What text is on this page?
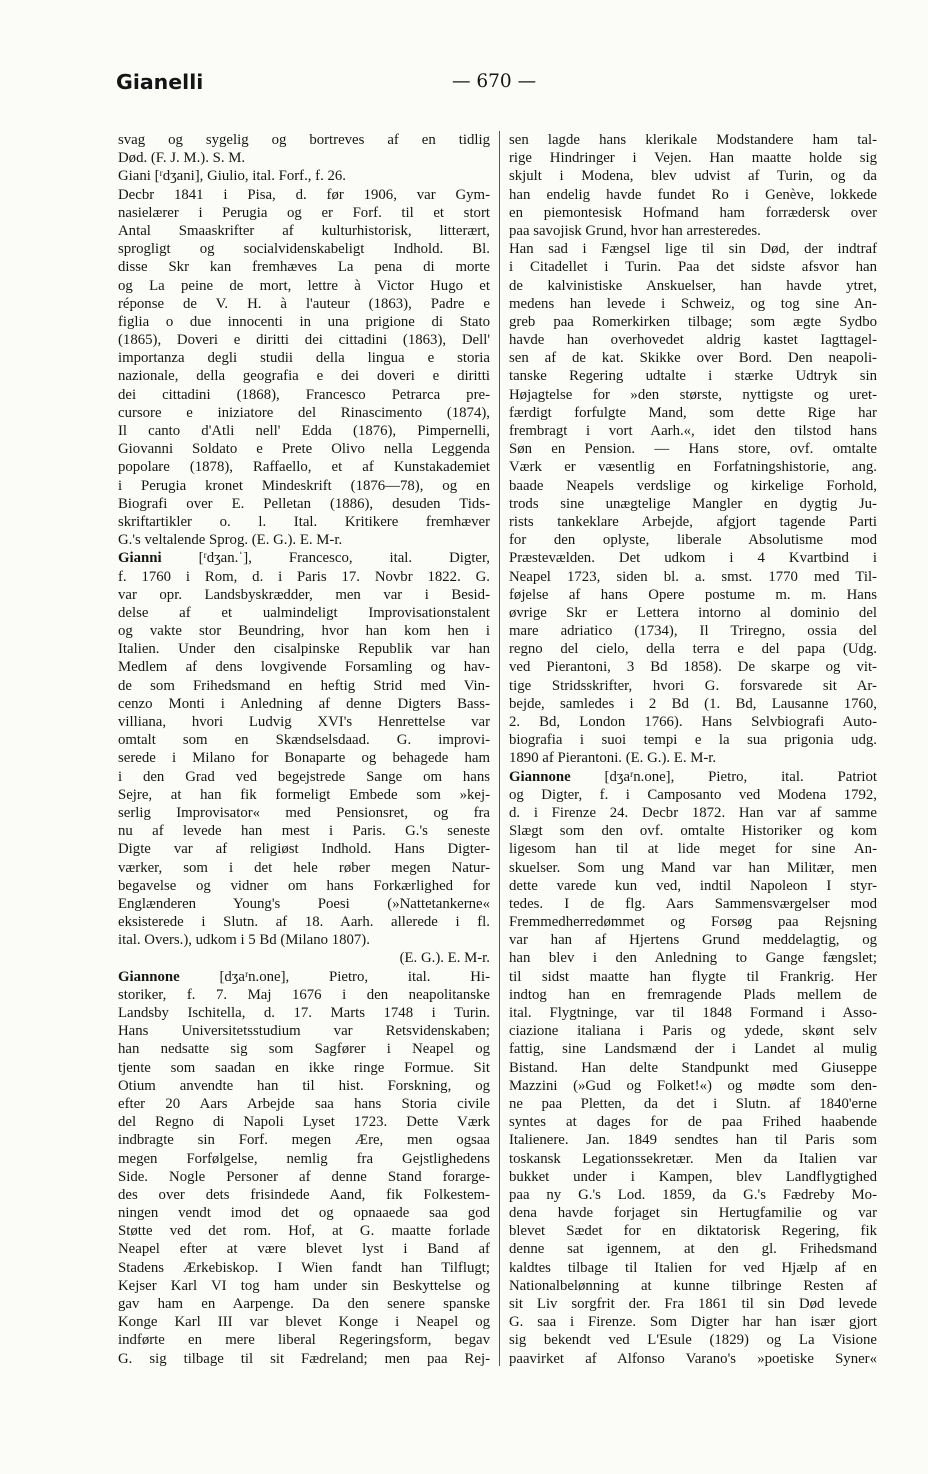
Gianelli	— 670 —
svag og sygelig og bortreves af en tidlig
Død. (F. J. M.). S. M.
Giani [ʳdʒani], Giulio, ital. Forf., f. 26.
Decbr 1841 i Pisa, d. før 1906, var Gym-
nasielærer i Perugia og er Forf. til et stort
Antal Smaaskrifter af kulturhistorisk, litterært,
sprogligt og socialvidenskabeligt Indhold. Bl.
disse Skr kan fremhæves La pena di morte
og La peine de mort, lettre à Victor Hugo et
réponse de V. H. à l'auteur (1863), Padre e
figlia o due innocenti in una prigione di Stato
(1865), Doveri e diritti dei cittadini (1863), Dell'
importanza degli studii della lingua e storia
nazionale, della geografia e dei doveri e diritti
dei cittadini (1868), Francesco Petrarca pre-
cursore e iniziatore del Rinascimento (1874),
Il canto d'Atli nell' Edda (1876), Pimpernelli,
Giovanni Soldato e Prete Olivo nella Leggenda
popolare (1878), Raffaello, et af Kunstakademiet
i Perugia kronet Mindeskrift (1876—78), og en
Biografi over E. Pelletan (1886), desuden Tids-
skriftartikler o. l. Ital. Kritikere fremhæver
G.'s veltalende Sprog. (E. G.). E. M-r.
Gianni [ʳdʒan.ˈ], Francesco, ital. Digter,
f. 1760 i Rom, d. i Paris 17. Novbr 1822. G.
var opr. Landsbyskrædder, men var i Besid-
delse af et ualmindeligt Improvisationstalent
og vakte stor Beundring, hvor han kom hen i
Italien. Under den cisalpinske Republik var han
Medlem af dens lovgivende Forsamling og hav-
de som Frihedsmand en heftig Strid med Vin-
cenzo Monti i Anledning af denne Digters Bass-
villiana, hvori Ludvig XVI's Henrettelse var
omtalt som en Skændselsdaad. G. improvi-
serede i Milano for Bonaparte og behagede ham
i den Grad ved begejstrede Sange om hans
Sejre, at han fik formeligt Embede som »kej-
serlig Improvisator« med Pensionsret, og fra
nu af levede han mest i Paris. G.'s seneste
Digte var af religiøst Indhold. Hans Digter-
værker, som i det hele røber megen Natur-
begavelse og vidner om hans Forkærlighed for
Englænderen Young's Poesi (»Nattetankerne«
eksisterede i Slutn. af 18. Aarh. allerede i fl.
ital. Overs.), udkom i 5 Bd (Milano 1807).
(E. G.). E. M-r.
Giannone [dʒaʳn.one], Pietro, ital. Hi-
storiker, f. 7. Maj 1676 i den neapolitanske
Landsby Ischitella, d. 17. Marts 1748 i Turin.
Hans Universitetsstudium var Retsvidenskaben;
han nedsatte sig som Sagfører i Neapel og
tjente som saadan en ikke ringe Formue. Sit
Otium anvendte han til hist. Forskning, og
efter 20 Aars Arbejde saa hans Storia civile
del Regno di Napoli Lyset 1723. Dette Værk
indbragte sin Forf. megen Ære, men ogsaa
megen Forfølgelse, nemlig fra Gejstlighedens
Side. Nogle Personer af denne Stand forarge-
des over dets frisindede Aand, fik Folkestem-
ningen vendt imod det og opnaaede saa god
Støtte ved det rom. Hof, at G. maatte forlade
Neapel efter at være blevet lyst i Band af
Stadens Ærkebiskop. I Wien fandt han Tilflugt;
Kejser Karl VI tog ham under sin Beskyttelse og
gav ham en Aarpenge. Da den senere spanske
Konge Karl III var blevet Konge i Neapel og
indførte en mere liberal Regeringsform, begav
G. sig tilbage til sit Fædreland; men paa Rej-
sen lagde hans klerikale Modstandere ham tal-
rige Hindringer i Vejen. Han maatte holde sig
skjult i Modena, blev udvist af Turin, og da
han endelig havde fundet Ro i Genève, lokkede
en piemontesisk Hofmand ham forrædersk over
paa savojisk Grund, hvor han arresteredes.
Han sad i Fængsel lige til sin Død, der indtraf
i Citadellet i Turin. Paa det sidste afsvor han
de kalvinistiske Anskuelser, han havde ytret,
medens han levede i Schweiz, og tog sine An-
greb paa Romerkirken tilbage; som ægte Sydbo
havde han overhovedet aldrig kastet Iagttagel-
sen af de kat. Skikke over Bord. Den neapoli-
tanske Regering udtalte i stærke Udtryk sin
Højagtelse for »den største, nyttigste og uret-
færdigt forfulgte Mand, som dette Rige har
frembragt i vort Aarh.«, idet den tilstod hans
Søn en Pension. — Hans store, ovf. omtalte
Værk er væsentlig en Forfatningshistorie, ang.
baade Neapels verdslige og kirkelige Forhold,
trods sine unægtelige Mangler en dygtig Ju-
rists tankeklare Arbejde, afgjort tagende Parti
for den oplyste, liberale Absolutisme mod
Præstevælden. Det udkom i 4 Kvartbind i
Neapel 1723, siden bl. a. smst. 1770 med Til-
føjelse af hans Opere postume m. m. Hans
øvrige Skr er Lettera intorno al dominio del
mare adriatico (1734), Il Triregno, ossia del
regno del cielo, della terra e del papa (Udg.
ved Pierantoni, 3 Bd 1858). De skarpe og vit-
tige Stridsskrifter, hvori G. forsvarede sit Ar-
bejde, samledes i 2 Bd (1. Bd, Lausanne 1760,
2. Bd, London 1766). Hans Selvbiografi Auto-
biografia i suoi tempi e la sua prigonia udg.
1890 af Pierantoni. (E. G.). E. M-r.
Giannone [dʒaʳn.one], Pietro, ital. Patriot
og Digter, f. i Camposanto ved Modena 1792,
d. i Firenze 24. Decbr 1872. Han var af samme
Slægt som den ovf. omtalte Historiker og kom
ligesom han til at lide meget for sine An-
skuelser. Som ung Mand var han Militær, men
dette varede kun ved, indtil Napoleon I styr-
tedes. I de flg. Aars Sammensværgelser mod
Fremmedherredømmet og Forsøg paa Rejsning
var han af Hjertens Grund meddelagtig, og
han blev i den Anledning to Gange fængslet;
til sidst maatte han flygte til Frankrig. Her
indtog han en fremragende Plads mellem de
ital. Flygtninge, var til 1848 Formand i Asso-
ciazione italiana i Paris og ydede, skønt selv
fattig, sine Landsmænd der i Landet al mulig
Bistand. Han delte Standpunkt med Giuseppe
Mazzini (»Gud og Folket!«) og mødte som den-
ne paa Pletten, da det i Slutn. af 1840'erne
syntes at dages for de paa Frihed haabende
Italienere. Jan. 1849 sendtes han til Paris som
toskansk Legationssekretær. Men da Italien var
bukket under i Kampen, blev Landflygtighed
paa ny G.'s Lod. 1859, da G.'s Fædreby Mo-
dena havde forjaget sin Hertugfamilie og var
blevet Sædet for en diktatorisk Regering, fik
denne sat igennem, at den gl. Frihedsmand
kaldtes tilbage til Italien for ved Hjælp af en
Nationalbelønning at kunne tilbringe Resten af
sit Liv sorgfrit der. Fra 1861 til sin Død levede
G. saa i Firenze. Som Digter har han især gjort
sig bekendt ved L'Esule (1829) og La Visione
paavirket af Alfonso Varano's »poetiske Syner«
